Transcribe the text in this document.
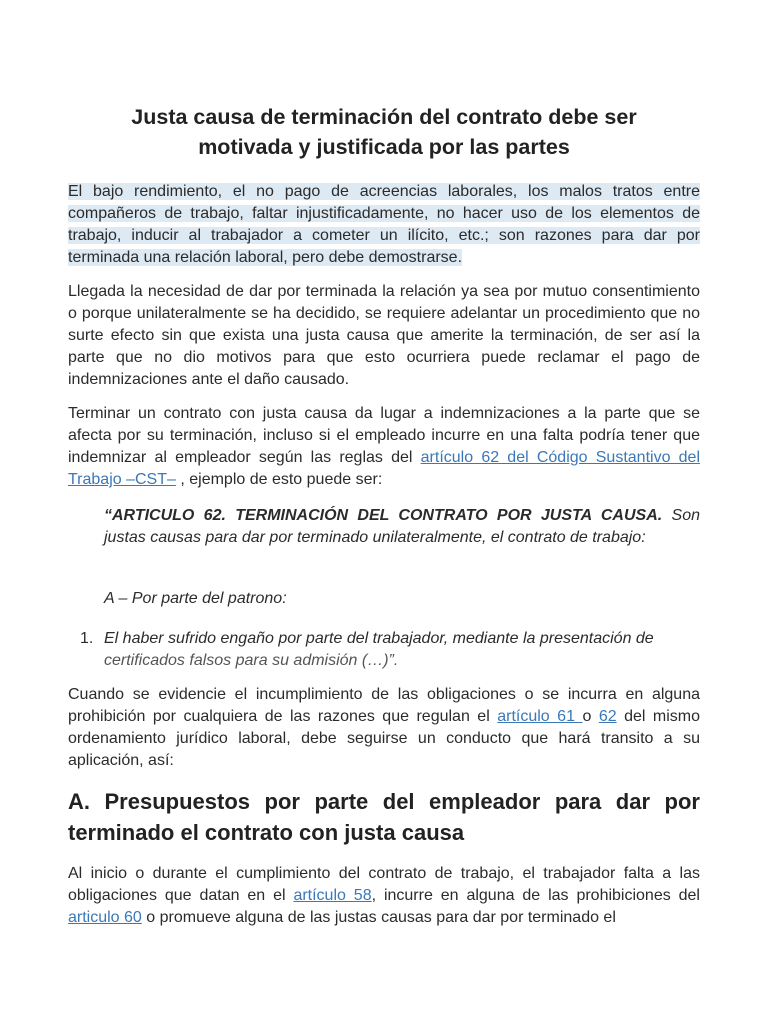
Justa causa de terminación del contrato debe ser
motivada y justificada por las partes
El bajo rendimiento, el no pago de acreencias laborales, los malos tratos entre compañeros de trabajo, faltar injustificadamente, no hacer uso de los elementos de trabajo, inducir al trabajador a cometer un ilícito, etc.; son razones para dar por terminada una relación laboral, pero debe demostrarse.
Llegada la necesidad de dar por terminada la relación ya sea por mutuo consentimiento o porque unilateralmente se ha decidido, se requiere adelantar un procedimiento que no surte efecto sin que exista una justa causa que amerite la terminación, de ser así la parte que no dio motivos para que esto ocurriera puede reclamar el pago de indemnizaciones ante el daño causado.
Terminar un contrato con justa causa da lugar a indemnizaciones a la parte que se afecta por su terminación, incluso si el empleado incurre en una falta podría tener que indemnizar al empleador según las reglas del artículo 62 del Código Sustantivo del Trabajo –CST– , ejemplo de esto puede ser:
“ARTICULO 62. TERMINACIÓN DEL CONTRATO POR JUSTA CAUSA. Son justas causas para dar por terminado unilateralmente, el contrato de trabajo:
A – Por parte del patrono:
1. El haber sufrido engaño por parte del trabajador, mediante la presentación de certificados falsos para su admisión (…)”.
Cuando se evidencie el incumplimiento de las obligaciones o se incurra en alguna prohibición por cualquiera de las razones que regulan el artículo 61 o 62 del mismo ordenamiento jurídico laboral, debe seguirse un conducto que hará transito a su aplicación, así:
A. Presupuestos por parte del empleador para dar por terminado el contrato con justa causa
Al inicio o durante el cumplimiento del contrato de trabajo, el trabajador falta a las obligaciones que datan en el artículo 58, incurre en alguna de las prohibiciones del articulo 60 o promueve alguna de las justas causas para dar por terminado el
